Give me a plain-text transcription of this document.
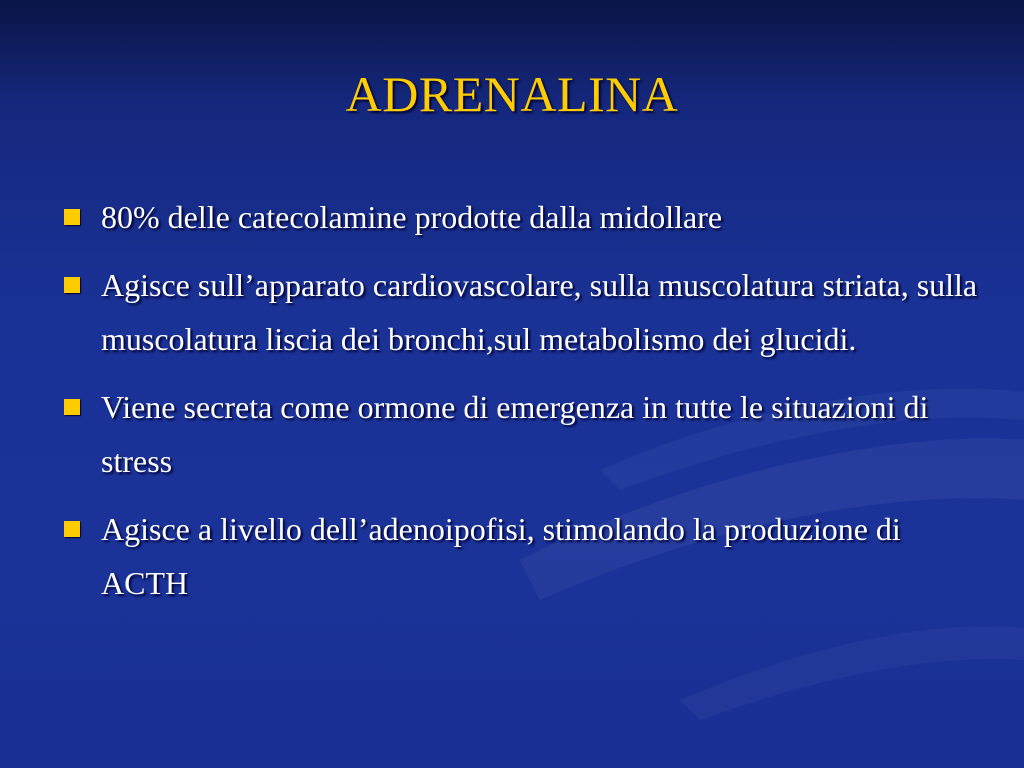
ADRENALINA
80% delle catecolamine prodotte dalla midollare
Agisce sull’apparato cardiovascolare, sulla muscolatura striata, sulla muscolatura liscia dei bronchi,sul metabolismo dei glucidi.
Viene secreta come ormone di emergenza in tutte le situazioni di stress
Agisce a livello dell’adenoipofisi, stimolando la produzione di ACTH
